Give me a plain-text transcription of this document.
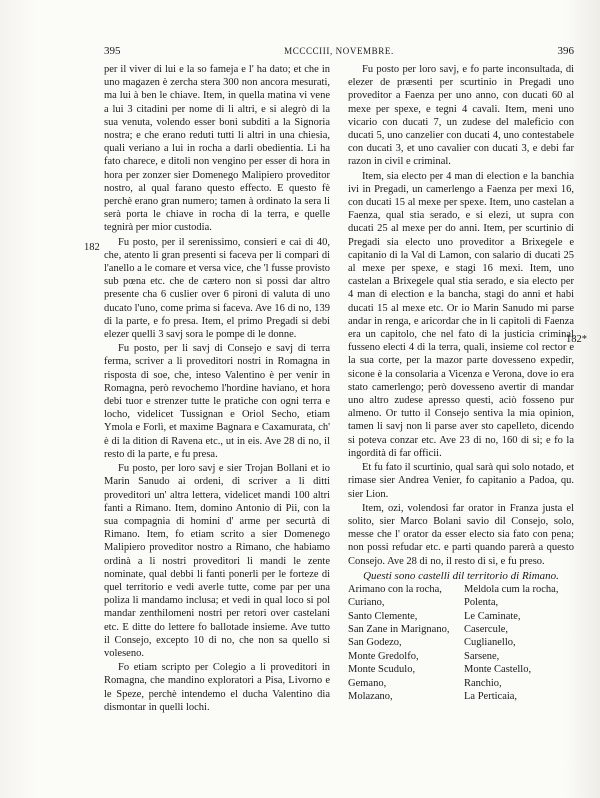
395	MCCCCIII, NOVEMBRE.	396
182
182*

per il viver di lui e la so fameja e l' ha dato; et che in uno magazen è zercha stera 300 non ancora mesurati, ma lui à ben le chiave. Item, in quella matina vi vene a lui 3 citadini per nome di li altri, e si alegrò di la sua venuta, volendo esser boni subditi a la Signoria nostra; e che erano reduti tutti li altri in una chiesia, quali veriano a lui in rocha a darli obedientia. Li ha fato charece, e ditoli non vengino per esser di hora in hora per zonzer sier Domenego Malipiero proveditor nostro, al qual farano questo effecto. E questo fè perchè erano gran numero; tamen à ordinato la sera li serà porta le chiave in rocha di la terra, e quelle tegnirà per mior custodia.

Fu posto, per il serenissimo, consieri e cai di 40, che, atento li gran presenti si faceva per li compari di l'anello a le comare et versa vice, che 'l fusse provisto sub pœna etc. che de cætero non si possi dar altro presente cha 6 cuslier over 6 pironi di valuta di uno ducato l'uno, come prima si faceva. Ave 16 di no, 139 di la parte, e fo presa. Item, el primo Pregadi si debi elezer quelli 3 savj sora le pompe di le donne.

Fu posto, per li savj di Consejo e savj di terra ferma, scriver a li proveditori nostri in Romagna in risposta di soe, che, inteso Valentino è per venir in Romagna, però revochemo l'hordine haviano, et hora debi tuor e strenzer tutte le pratiche con ogni terra e locho, videlicet Tussignan e Oriol Secho, etiam Ymola e Forlì, et maxime Bagnara e Caxamurata, ch' è di la dition di Ravena etc., ut in eis. Ave 28 di no, il resto di la parte, e fu presa.

Fu posto, per loro savj e sier Trojan Bollani et io Marin Sanudo ai ordeni, di scriver a li ditti proveditori un' altra lettera, videlicet mandi 100 altri fanti a Rimano. Item, domino Antonio di Pii, con la sua compagnia di homini d' arme per securtà di Rimano. Item, fo etiam scrito a sier Domenego Malipiero proveditor nostro a Rimano, che habiamo ordinà a li nostri proveditori li mandi le zente nominate, qual debbi li fanti ponerli per le forteze di quel territorio e vedi averle tutte, come par per una poliza li mandamo inclusa; et vedi in qual loco si pol mandar zenthilomeni nostri per retori over castelani etc. E ditte do lettere fo ballotade insieme. Ave tutto il Consejo, excepto 10 di no, che non sa quello si voleseno.

Fo etiam scripto per Colegio a li proveditori in Romagna, che mandino exploratori a Pisa, Livorno e le Speze, perchè intendemo el ducha Valentino dia dismontar in quelli lochi.

Fu posto per loro savj, e fo parte inconsultada, di elezer de præsenti per scurtinio in Pregadi uno proveditor a Faenza per uno anno, con ducati 60 al mexe per spexe, e tegni 4 cavali. Item, meni uno vicario con ducati 7, un zudese del maleficio con ducati 5, uno canzelier con ducati 4, uno contestabele con ducati 3, et uno cavalier con ducati 3, e debi far razon in civil e criminal.

Item, sia electo per 4 man di election e la banchia ivi in Pregadi, un camerlengo a Faenza per mexi 16, con ducati 15 al mexe per spexe. Item, uno castelan a Faenza, qual stia serado, e si elezi, ut supra con ducati 25 al mexe per do anni. Item, per scurtinio di Pregadi sia electo uno proveditor a Brixegele e capitanio di la Val di Lamon, con salario di ducati 25 al mexe per spexe, e stagi 16 mexi. Item, uno castelan a Brixegele qual stia serado, e sia electo per 4 man di election e la bancha, stagi do anni et habi ducati 15 al mexe etc. Or io Marin Sanudo mi parse andar in renga, e aricordar che in li capitoli di Faenza era un capitolo, che nel fato di la justicia criminal fusseno electi 4 di la terra, quali, insieme col rector e la sua corte, per la mazor parte dovesseno expedir, sicone è la consolaria a Vicenza e Verona, dove io era stato camerlengo; però dovesseno avertir di mandar uno altro zudese apresso questi, aciò fosseno pur almeno. Or tutto il Consejo sentiva la mia opinion, tamen li savj non li parse aver sto capelleto, dicendo si poteva conzar etc. Ave 23 di no, 160 di si; e fo la ingordità di far officii.

Et fu fato il scurtinio, qual sarà qui solo notado, et rimase sier Andrea Venier, fo capitanio a Padoa, qu. sier Lion.

Item, ozi, volendosi far orator in Franza justa el solito, sier Marco Bolani savio dil Consejo, solo, messe che l' orator da esser electo sia fato con pena; non possi refudar etc. e parti quando parerà a questo Consejo. Ave 28 di no, il resto di si, e fu preso.

Questi sono castelli dil territorio di Rimano.

Arimano con la rocha,
Curiano,
Santo Clemente,
San Zane in Marignano,
San Godezo,
Monte Gredolfo,
Monte Scudulo,
Gemano,
Molazano,
Meldola cum la rocha,
Polenta,
Le Caminate,
Casercule,
Cuglianello,
Sarsene,
Monte Castello,
Ranchio,
La Perticaia,
